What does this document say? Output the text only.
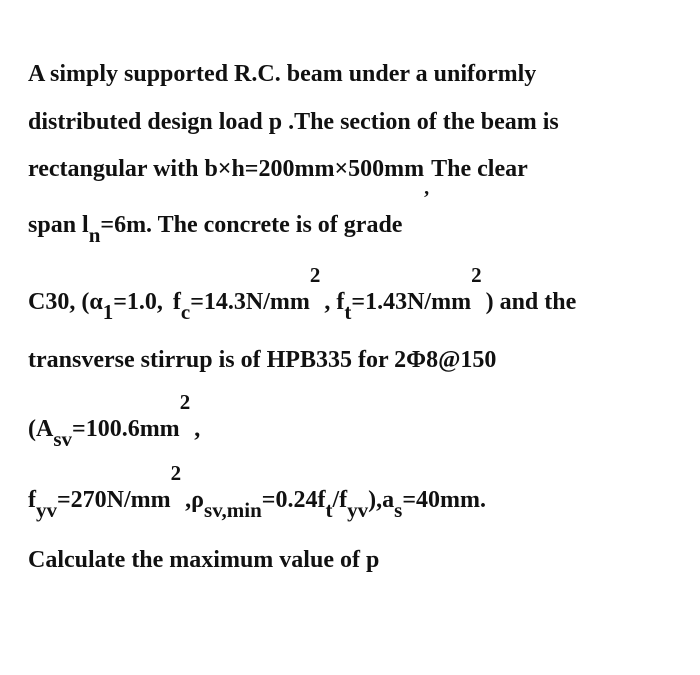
A simply supported R.C. beam under a uniformly
distributed design load p .The section of the beam is
rectangular with $b\times h=200mm\times 500mm_,The$ clear
span ln=6m. The concrete is of grade
C30, (α1=1.0, fc=14.3N/mm2, ft=1.43N/mm2) and the
transverse stirrup is of HPB335 for 2Φ8@150
(Asv=100.6mm2,
fyv=270N/mm2,ρsv,min=0.24ft/fyv),as=40mm.
Calculate the maximum value of p
